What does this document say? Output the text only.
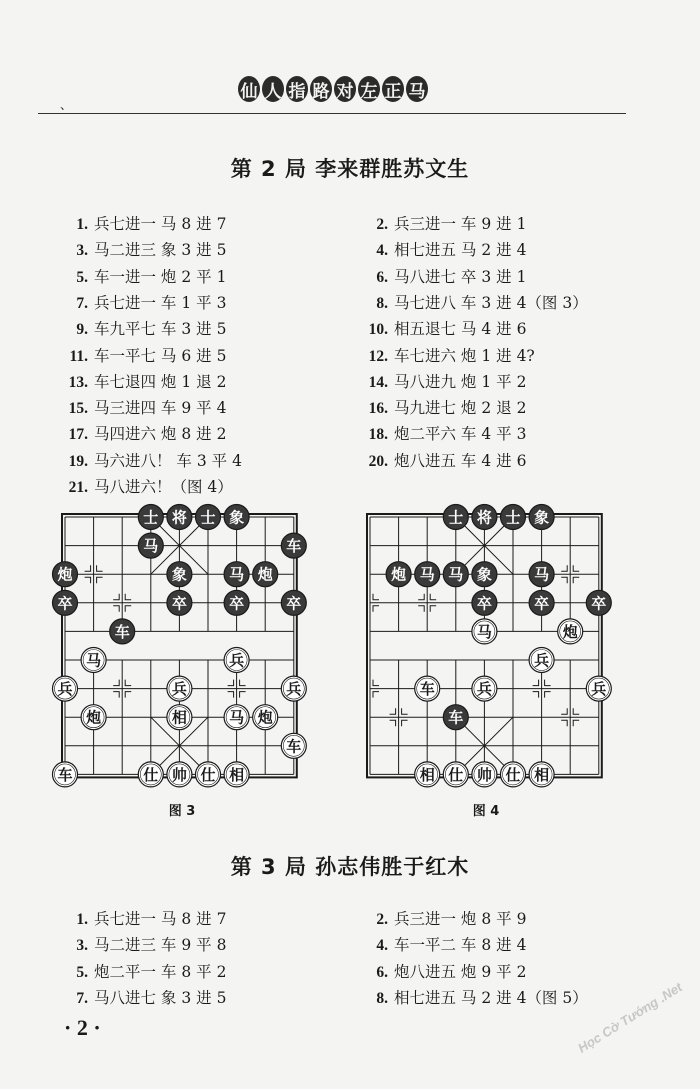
仙 人 指 路 对 左 正 马
、
第 2 局 李来群胜苏文生
1. 兵七进一 马 8 进 7	2. 兵三进一 车 9 进 1
3. 马二进三 象 3 进 5	4. 相七进五 马 2 进 4
5. 车一进一 炮 2 平 1	6. 马八进七 卒 3 进 1
7. 兵七进一 车 1 平 3	8. 马七进八 车 3 进 4（图 3）
9. 车九平七 车 3 进 5	10. 相五退七 马 4 进 6
11. 车一平七 马 6 进 5	12. 车七进六 炮 1 进 4?
13. 车七退四 炮 1 退 2	14. 马八进九 炮 1 平 2
15. 马三进四 车 9 平 4	16. 马九进七 炮 2 退 2
17. 马四进六 炮 8 进 2	18. 炮二平六 车 4 平 3
19. 马六进八！ 车 3 平 4	20. 炮八进五 车 4 进 6
21. 马八进六！（图 4）
士 将 士 象
马	车
炮	象	马 炮
卒	卒	卒	卒
车
马	兵
兵	兵	兵
炮	相	马 炮
车
车	仕 帅 仕 相
图 3
士 将 士 象
炮 马 马 象	马
卒	卒	卒
马	炮
兵
车	兵	兵
车
相 仕 帅 仕 相
图 4
第 3 局 孙志伟胜于红木
1. 兵七进一 马 8 进 7	2. 兵三进一 炮 8 平 9
3. 马二进三 车 9 平 8	4. 车一平二 车 8 进 4
5. 炮二平一 车 8 平 2	6. 炮八进五 炮 9 平 2
7. 马八进七 象 3 进 5	8. 相七进五 马 2 进 4（图 5）
· 2 ·	Học Cờ Tướng .Net
